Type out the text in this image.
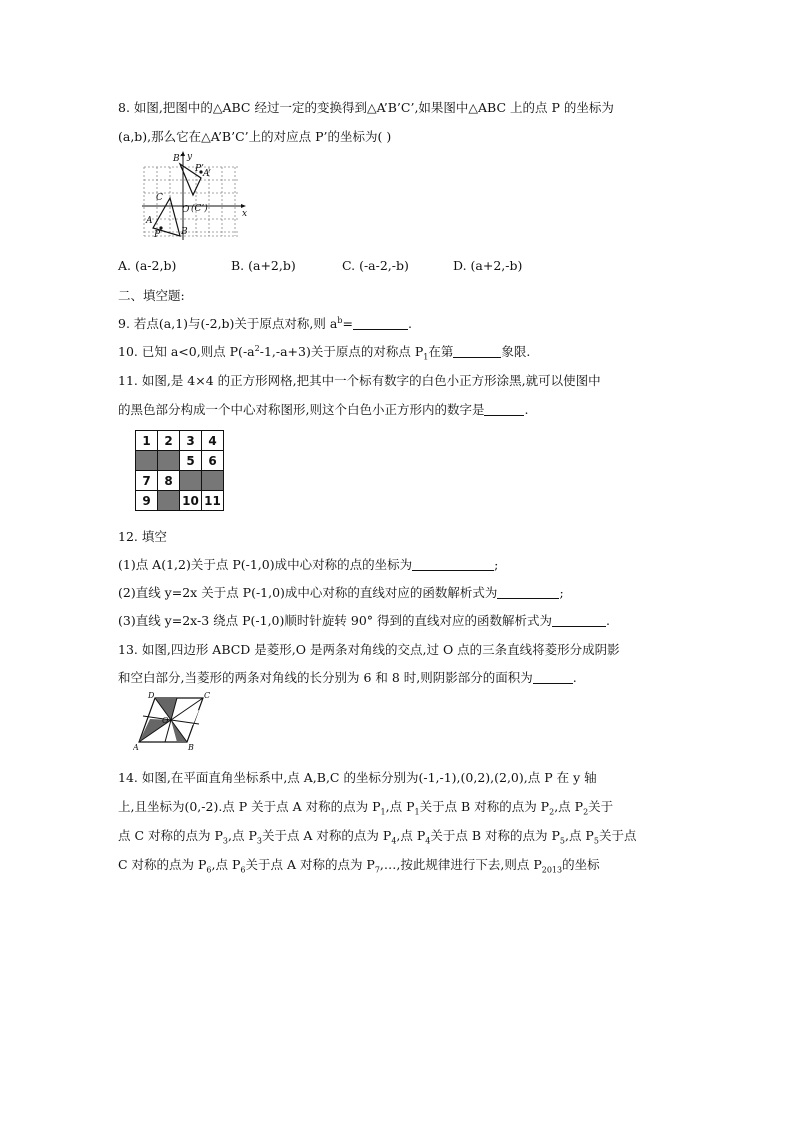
8. 如图,把图中的△ABC 经过一定的变换得到△A’B’C’,如果图中△ABC 上的点 P 的坐标为
(a,b),那么它在△A’B’C’上的对应点 P’的坐标为( )
y
x
B’
P’ A’
C
O (C’)
A
B
P
A. (a-2,b)	B. (a+2,b)	C. (-a-2,-b)	D. (a+2,-b)
二、填空题:
9. 若点(a,1)与(-2,b)关于原点对称,则 $a^b=$	.
10. 已知 a<0,则点 $P(-a^2-1,-a+3)$关于原点的对称点 $P_1$在第	象限.
11. 如图,是 4×4 的正方形网格,把其中一个标有数字的白色小正方形涂黑,就可以使图中
的黑色部分构成一个中心对称图形,则这个白色小正方形内的数字是	.
1	2	3	4
		5	6
7	8		
9		10	11
12. 填空
(1)点 A(1,2)关于点 P(-1,0)成中心对称的点的坐标为	;
(2)直线 y=2x 关于点 P(-1,0)成中心对称的直线对应的函数解析式为	;
(3)直线 y=2x-3 绕点 P(-1,0)顺时针旋转 90° 得到的直线对应的函数解析式为	.
13. 如图,四边形 ABCD 是菱形,O 是两条对角线的交点,过 O 点的三条直线将菱形分成阴影
和空白部分,当菱形的两条对角线的长分别为 6 和 8 时,则阴影部分的面积为	.
D	C
O
A	B
14. 如图,在平面直角坐标系中,点 A,B,C 的坐标分别为(-1,-1),(0,2),(2,0),点 P 在 y 轴
上,且坐标为(0,-2).点 P 关于点 A 对称的点为 $P_1$,点 $P_1$关于点 B 对称的点为 $P_2$,点 $P_2$关于
点 C 对称的点为 $P_3$,点 $P_3$关于点 A 对称的点为 $P_4$,点 $P_4$关于点 B 对称的点为 $P_5$,点 $P_5$关于点
C 对称的点为 $P_6$,点 $P_6$关于点 A 对称的点为 $P_7,\dots$,按此规律进行下去,则点 $P_{2013}$的坐标
